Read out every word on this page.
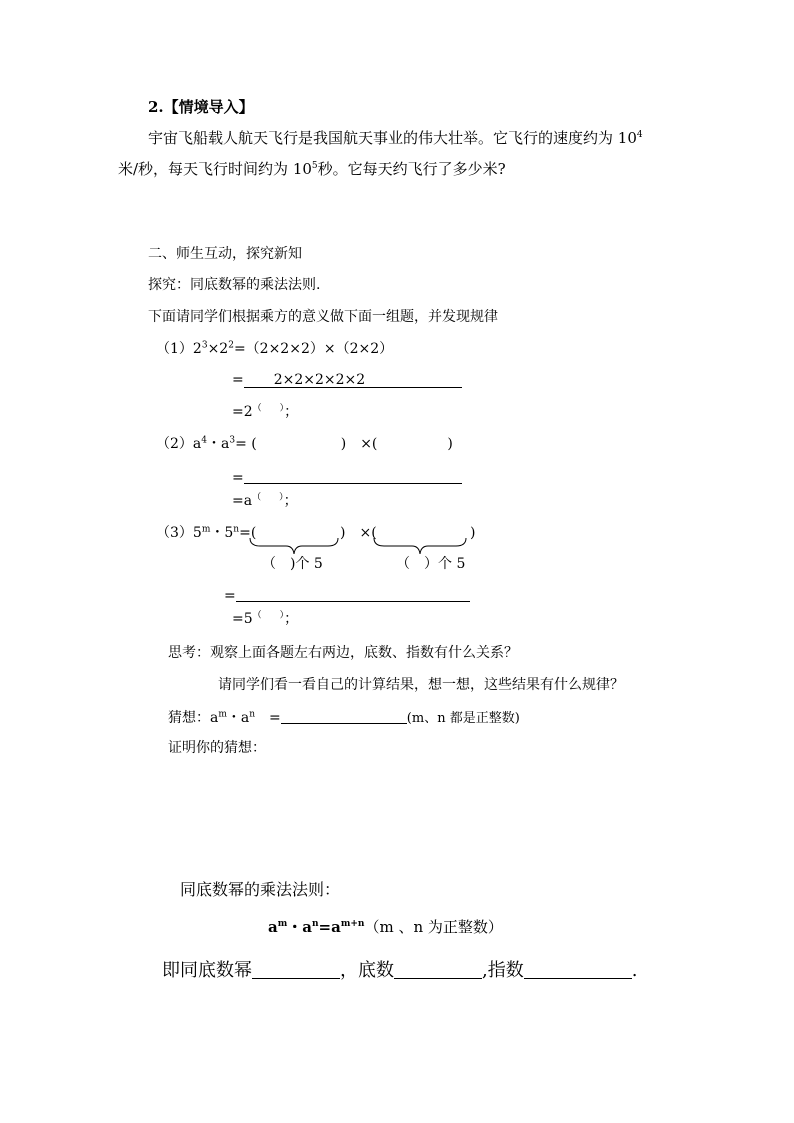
2.【情境导入】
宇宙飞船载人航天飞行是我国航天事业的伟大壮举。它飞行的速度约为 $10^4$
米/秒，每天飞行时间约为 $10^5$秒。它每天约飞行了多少米?
二、师生互动，探究新知
探究：同底数幂的乘法法则.
下面请同学们根据乘方的意义做下面一组题，并发现规律
$(1)2^3\times 2^2=(2\times 2\times 2)\times(2\times 2)$
= 2×2×2×2×2
=2（　　）；
$(2)a^4$・$a^3=$ (　　　　　　)　×(　　　　　)
=
=a（　　）；
（3）5$^m$・$5^n=$(	)　×(	)
（　)个 5	（　）个 5
=
=5（　　）；
思考：观察上面各题左右两边，底数、指数有什么关系？
请同学们看一看自己的计算结果，想一想，这些结果有什么规律？
猜想：$a^m$・$a^n$　=	(m、n 都是正整数)
证明你的猜想：
同底数幂的乘法法则：
$a^m$・$a^n=a^{m+n}(m$ 、n 为正整数）
即同底数幂	，底数	,指数	.
